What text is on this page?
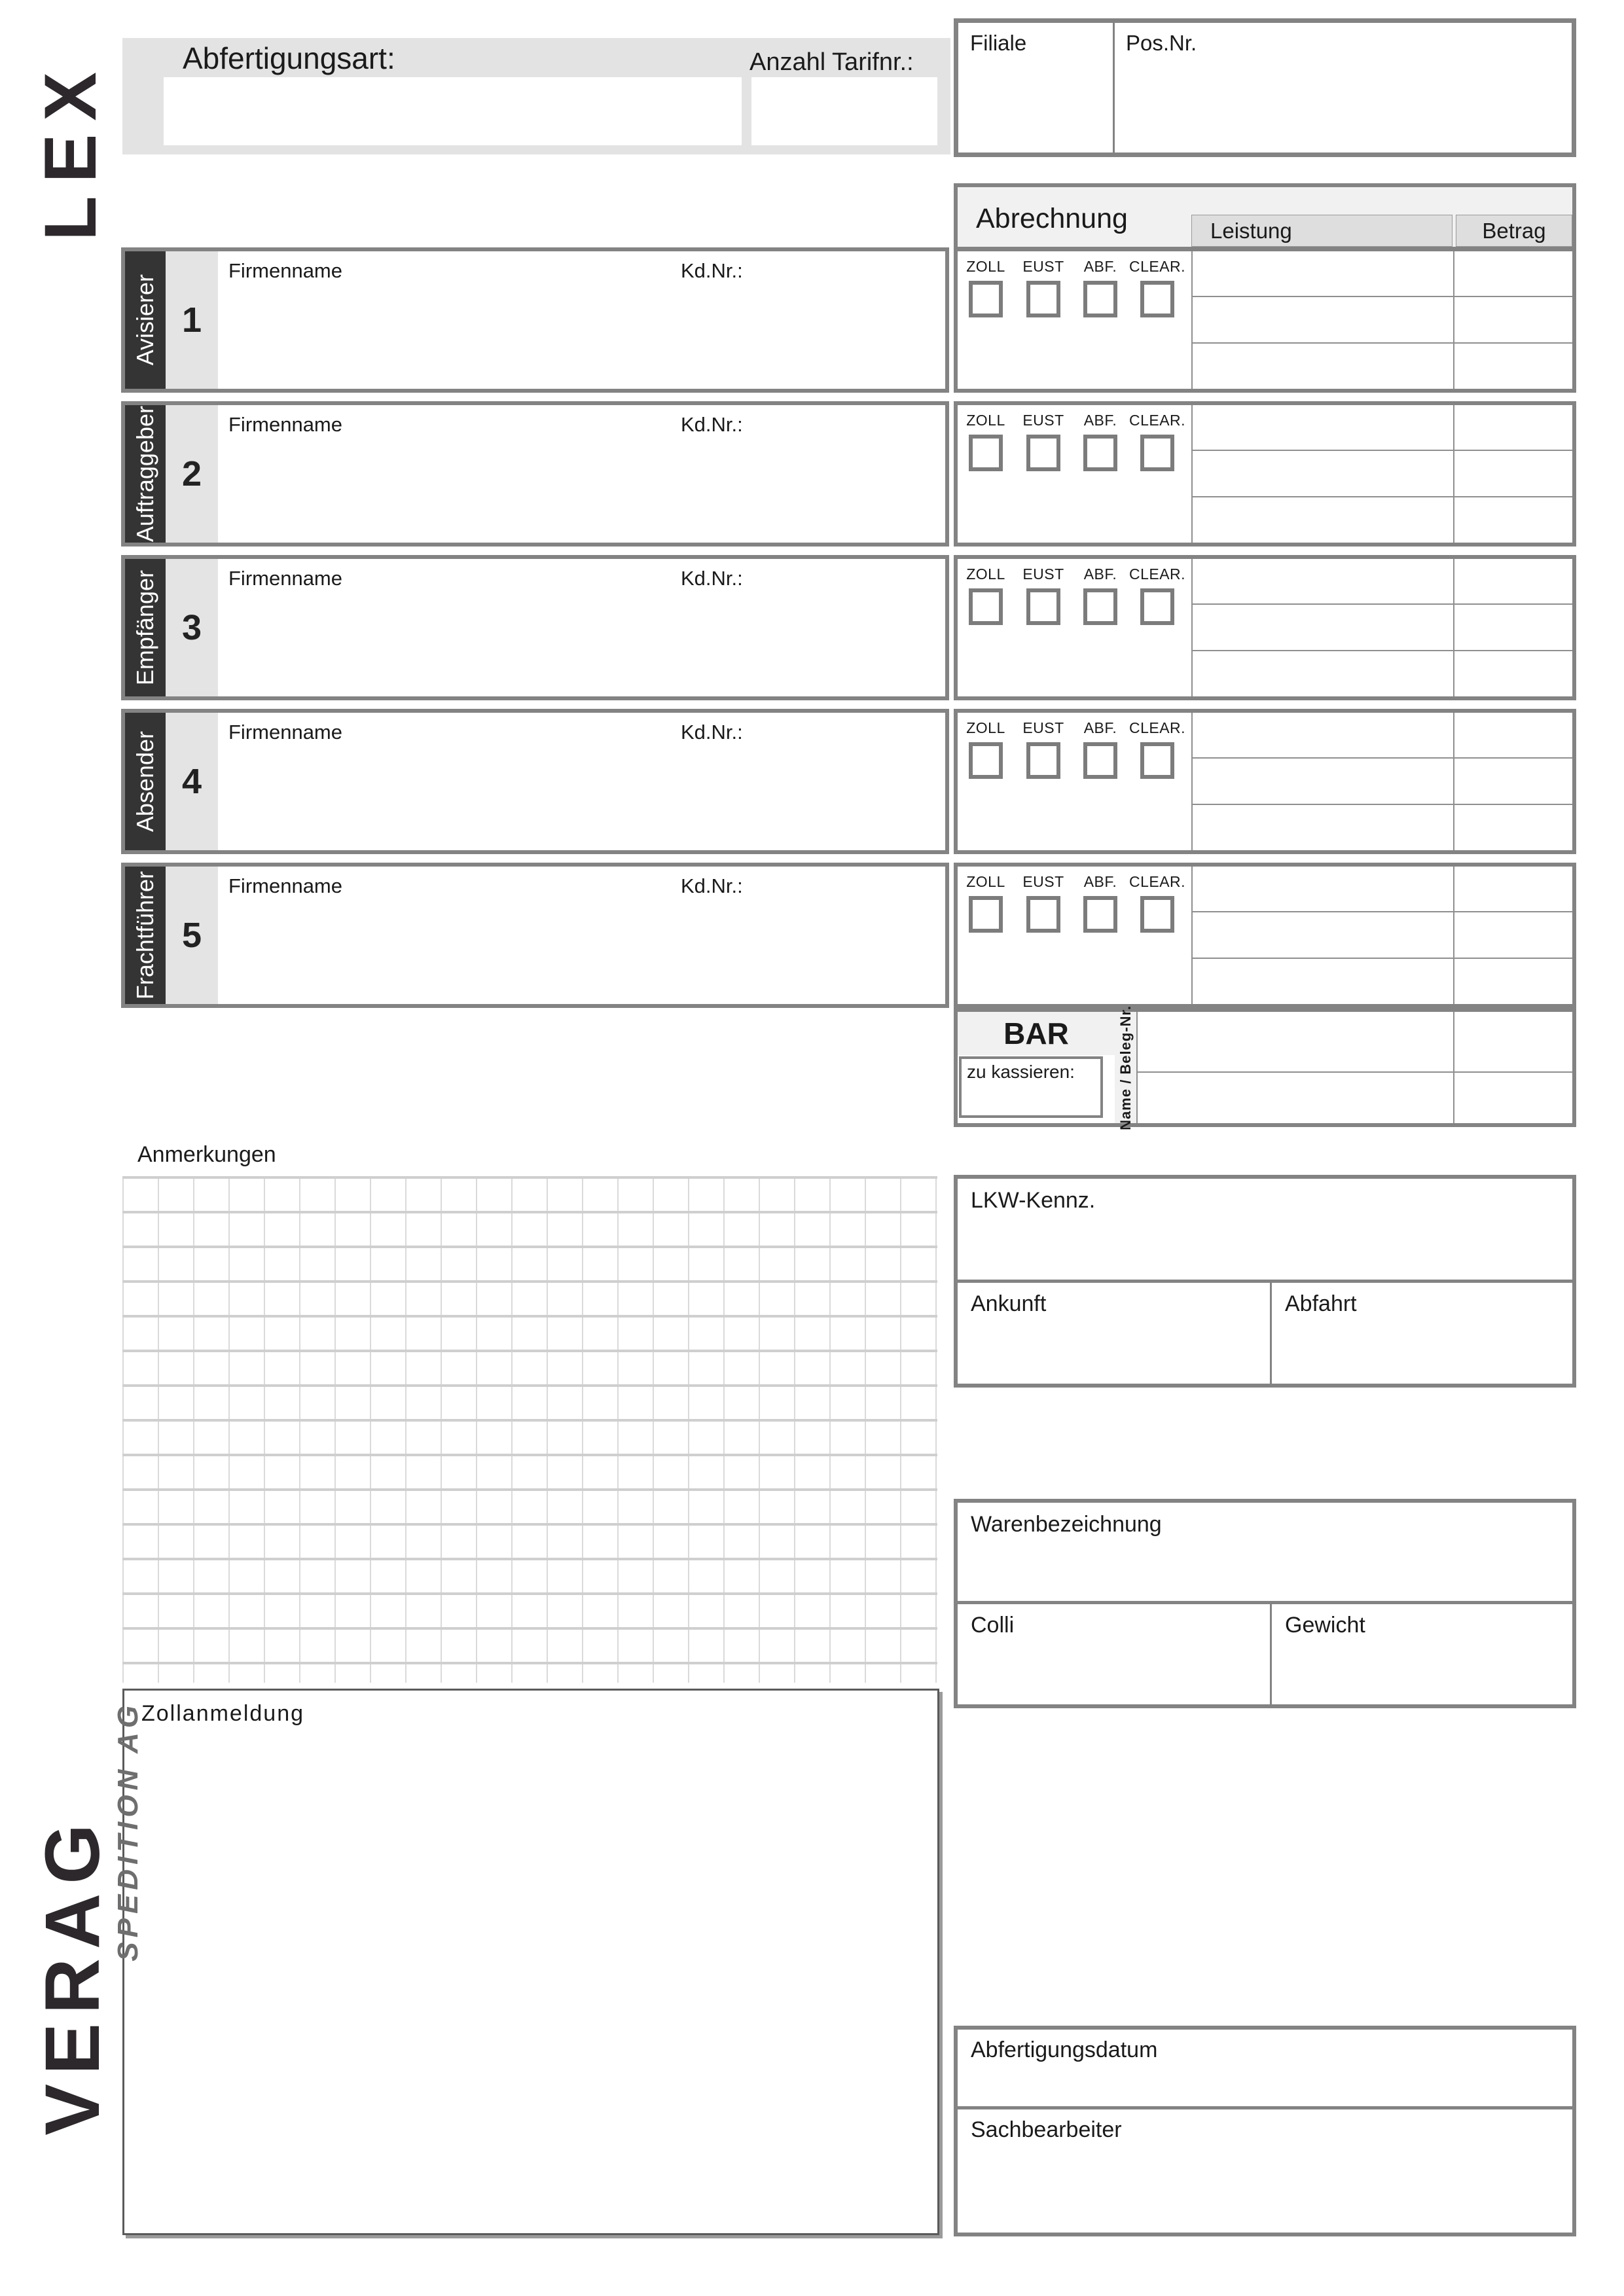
LEX
Abfertigungsart:	Anzahl Tarifnr.:
Filiale	Pos.Nr.
Abrechnung	Leistung	Betrag
Avisierer 1
Firmenname	Kd.Nr.:	ZOLL EUST ABF. CLEAR.
Auftraggeber 2
Firmenname	Kd.Nr.:	ZOLL EUST ABF. CLEAR.
Empfänger 3
Firmenname	Kd.Nr.:	ZOLL EUST ABF. CLEAR.
Absender 4
Firmenname	Kd.Nr.:	ZOLL EUST ABF. CLEAR.
Frachtführer 5
Firmenname	Kd.Nr.:	ZOLL EUST ABF. CLEAR.
BAR
zu kassieren:	Name / Beleg-Nr.
Anmerkungen
LKW-Kennz.
Ankunft	Abfahrt
Warenbezeichnung
Colli	Gewicht
Zollanmeldung
Abfertigungsdatum
Sachbearbeiter
VERAG
SPEDITION AG
